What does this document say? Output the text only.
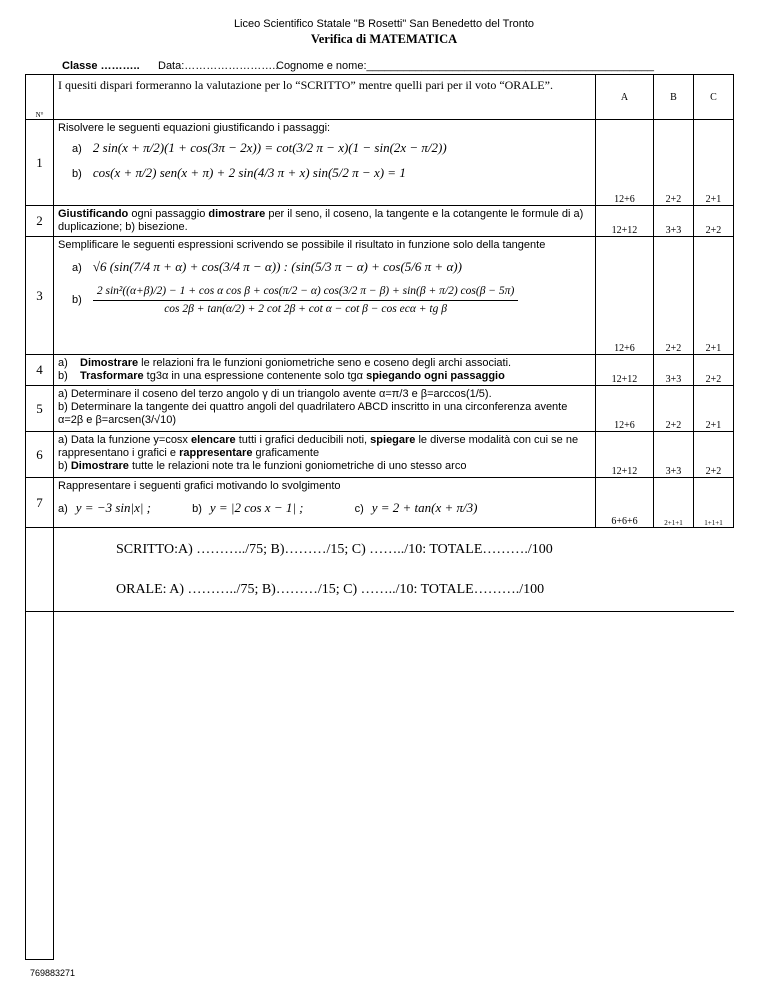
Liceo Scientifico Statale "B Rosetti" San Benedetto del Tronto
Verifica di MATEMATICA
Classe ……….. Data:……………………..
Cognome e nome:_______________________________________________
N°	I quesiti dispari formeranno la valutazione per lo “SCRITTO” mentre quelli pari per il voto “ORALE”.	A	B	C
1	Risolvere le seguenti equazioni giustificando i passaggi:
a) 2 sin(x + π/2)(1 + cos(3π − 2x)) = cot(3/2 π − x)(1 − sin(2x − π/2))
b) cos(x + π/2) sen(x + π) + 2 sin(4/3 π + x) sin(5/2 π − x) = 1	12+6	2+2	2+1
2	Giustificando ogni passaggio dimostrare per il seno, il coseno, la tangente e la cotangente le formule di a) duplicazione; b) bisezione.	12+12	3+3	2+2
3	Semplificare le seguenti espressioni scrivendo se possibile il risultato in funzione solo della tangente
a) √6 (sin(7/4 π + α) + cos(3/4 π − α)) : (sin(5/3 π − α) + cos(5/6 π + α))
b)
2 sin²((α+β)/2) − 1 + cos α cos β + cos(π/2 − α) cos(3/2 π − β) + sin(β + π/2) cos(β − 5π)
cos 2β + tan(α/2) + 2 cot 2β + cot α − cot β − cos ecα + tg β	12+6	2+2	2+1
4	a) Dimostrare le relazioni fra le funzioni goniometriche seno e coseno degli archi associati.
b) Trasformare tg3α in una espressione contenente solo tgα spiegando ogni passaggio	12+12	3+3	2+2
5	a) Determinare il coseno del terzo angolo γ di un triangolo avente α=π/3 e β=arccos(1/5).
b) Determinare la tangente dei quattro angoli del quadrilatero ABCD inscritto in una circonferenza avente α=2β e β=arcsen(3/√10)	12+6	2+2	2+1
6	a) Data la funzione y=cosx elencare tutti i grafici deducibili noti, spiegare le diverse modalità con cui se ne rappresentano i grafici e rappresentare graficamente
b) Dimostrare tutte le relazioni note tra le funzioni goniometriche di uno stesso arco	12+12	3+3	2+2
7	Rappresentare i seguenti grafici motivando lo svolgimento
a) y = −3 sin|x| ; b) y = |2 cos x − 1| ; c) y = 2 + tan(x + π/3)	6+6+6	2+1+1	1+1+1

	SCRITTO:A) ………../75; B)………/15; C) ……../10: TOTALE………./100
ORALE: A) ………../75; B)………/15; C) ……../10: TOTALE………./100			

769883271
